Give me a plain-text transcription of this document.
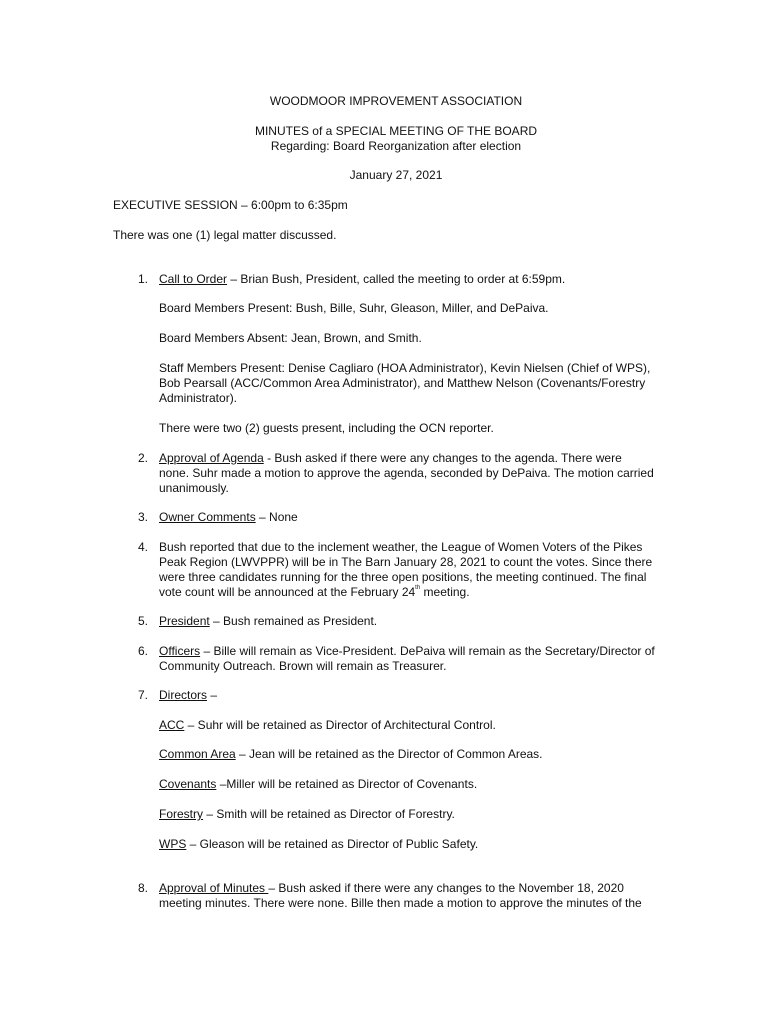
WOODMOOR IMPROVEMENT ASSOCIATION
MINUTES of a SPECIAL MEETING OF THE BOARD
Regarding: Board Reorganization after election
January 27, 2021
EXECUTIVE SESSION – 6:00pm to 6:35pm
There was one (1) legal matter discussed.
1. Call to Order – Brian Bush, President, called the meeting to order at 6:59pm.
Board Members Present: Bush, Bille, Suhr, Gleason, Miller, and DePaiva.
Board Members Absent: Jean, Brown, and Smith.
Staff Members Present: Denise Cagliaro (HOA Administrator), Kevin Nielsen (Chief of WPS),
Bob Pearsall (ACC/Common Area Administrator), and Matthew Nelson (Covenants/Forestry
Administrator).
There were two (2) guests present, including the OCN reporter.
2. Approval of Agenda - Bush asked if there were any changes to the agenda. There were
none. Suhr made a motion to approve the agenda, seconded by DePaiva. The motion carried
unanimously.
3. Owner Comments – None
4. Bush reported that due to the inclement weather, the League of Women Voters of the Pikes
Peak Region (LWVPPR) will be in The Barn January 28, 2021 to count the votes. Since there
were three candidates running for the three open positions, the meeting continued. The final
vote count will be announced at the February 24th meeting.
5. President – Bush remained as President.
6. Officers – Bille will remain as Vice-President. DePaiva will remain as the Secretary/Director of
Community Outreach. Brown will remain as Treasurer.
7. Directors –
ACC – Suhr will be retained as Director of Architectural Control.
Common Area – Jean will be retained as the Director of Common Areas.
Covenants –Miller will be retained as Director of Covenants.
Forestry – Smith will be retained as Director of Forestry.
WPS – Gleason will be retained as Director of Public Safety.
8. Approval of Minutes – Bush asked if there were any changes to the November 18, 2020
meeting minutes. There were none. Bille then made a motion to approve the minutes of the
